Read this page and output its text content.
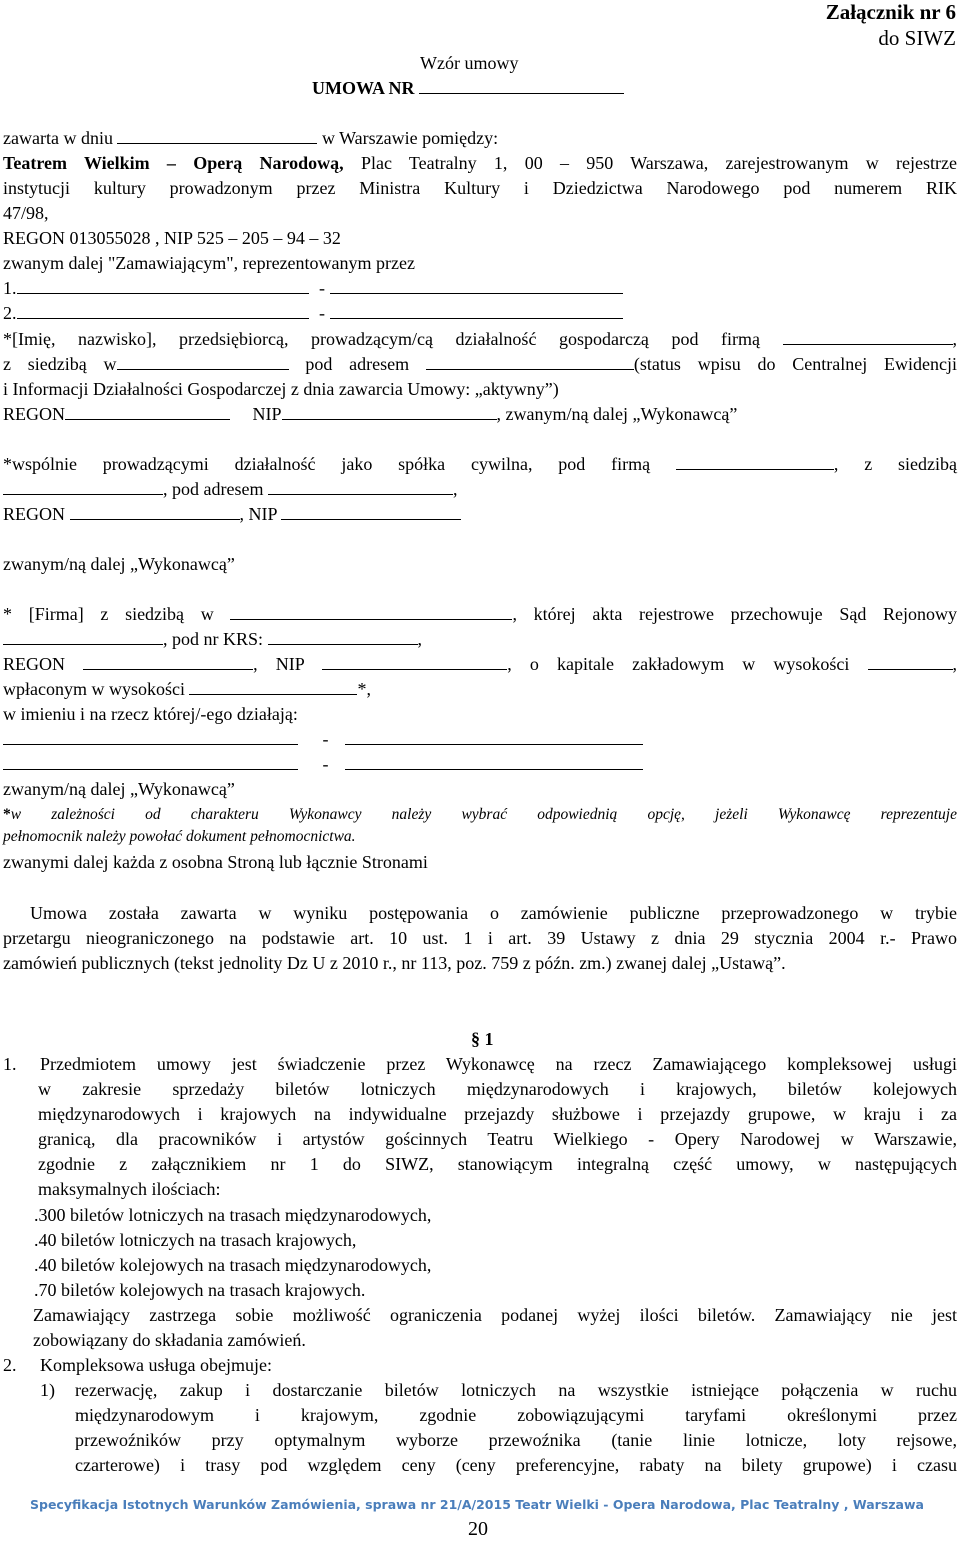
Załącznik nr 6
do SIWZ
Wzór umowy
UMOWA NR
zawarta w dniu	w Warszawie pomiędzy:
Teatrem Wielkim – Operą Narodową, Plac Teatralny 1, 00 – 950 Warszawa, zarejestrowanym w rejestrze
instytucji kultury prowadzonym przez Ministra Kultury i Dziedzictwa Narodowego pod numerem RIK
47/98,
REGON 013055028 , NIP 525 – 205 – 94 – 32
zwanym dalej "Zamawiającym", reprezentowanym przez
1.	-
2.	-
*[Imię, nazwisko], przedsiębiorcą, prowadzącym/cą działalność gospodarczą pod firmą	,
z siedzibą w	pod adresem	(status wpisu do Centralnej Ewidencji
i Informacji Działalności Gospodarczej z dnia zawarcia Umowy: „aktywny”)
REGON	NIP	, zwanym/ną dalej „Wykonawcą”
*wspólnie prowadzącymi działalność jako spółka cywilna, pod firmą	, z siedzibą
, pod adresem	,
REGON	, NIP
zwanym/ną dalej „Wykonawcą”
* [Firma] z siedzibą w	, której akta rejestrowe przechowuje Sąd Rejonowy
, pod nr KRS:	,
REGON	, NIP	, o kapitale zakładowym w wysokości	,
wpłaconym w wysokości	*,
w imieniu i na rzecz której/-ego działają:
-
-
zwanym/ną dalej „Wykonawcą”
*w zależności od charakteru Wykonawcy należy wybrać odpowiednią opcję, jeżeli Wykonawcę reprezentuje
pełnomocnik należy powołać dokument pełnomocnictwa.
zwanymi dalej każda z osobna Stroną lub łącznie Stronami
Umowa została zawarta w wyniku postępowania o zamówienie publiczne przeprowadzonego w trybie
przetargu nieograniczonego na podstawie art. 10 ust. 1 i art. 39 Ustawy z dnia 29 stycznia 2004 r.- Prawo
zamówień publicznych (tekst jednolity Dz U z 2010 r., nr 113, poz. 759 z późn. zm.) zwanej dalej „Ustawą”.
§ 1
1. Przedmiotem umowy jest świadczenie przez Wykonawcę na rzecz Zamawiającego kompleksowej usługi
w zakresie sprzedaży biletów lotniczych międzynarodowych i krajowych, biletów kolejowych
międzynarodowych i krajowych na indywidualne przejazdy służbowe i przejazdy grupowe, w kraju i za
granicą, dla pracowników i artystów gościnnych Teatru Wielkiego - Opery Narodowej w Warszawie,
zgodnie z załącznikiem nr 1 do SIWZ, stanowiącym integralną część umowy, w następujących
maksymalnych ilościach:
.300 biletów lotniczych na trasach międzynarodowych,
.40 biletów lotniczych na trasach krajowych,
.40 biletów kolejowych na trasach międzynarodowych,
.70 biletów kolejowych na trasach krajowych.
Zamawiający zastrzega sobie możliwość ograniczenia podanej wyżej ilości biletów. Zamawiający nie jest
zobowiązany do składania zamówień.
2. Kompleksowa usługa obejmuje:
1) rezerwację, zakup i dostarczanie biletów lotniczych na wszystkie istniejące połączenia w ruchu
międzynarodowym i krajowym, zgodnie zobowiązującymi taryfami określonymi przez
przewoźników przy optymalnym wyborze przewoźnika (tanie linie lotnicze, loty rejsowe,
czarterowe) i trasy pod względem ceny (ceny preferencyjne, rabaty na bilety grupowe) i czasu
Specyfikacja Istotnych Warunków Zamówienia, sprawa nr 21/A/2015 Teatr Wielki - Opera Narodowa, Plac Teatralny , Warszawa
20
